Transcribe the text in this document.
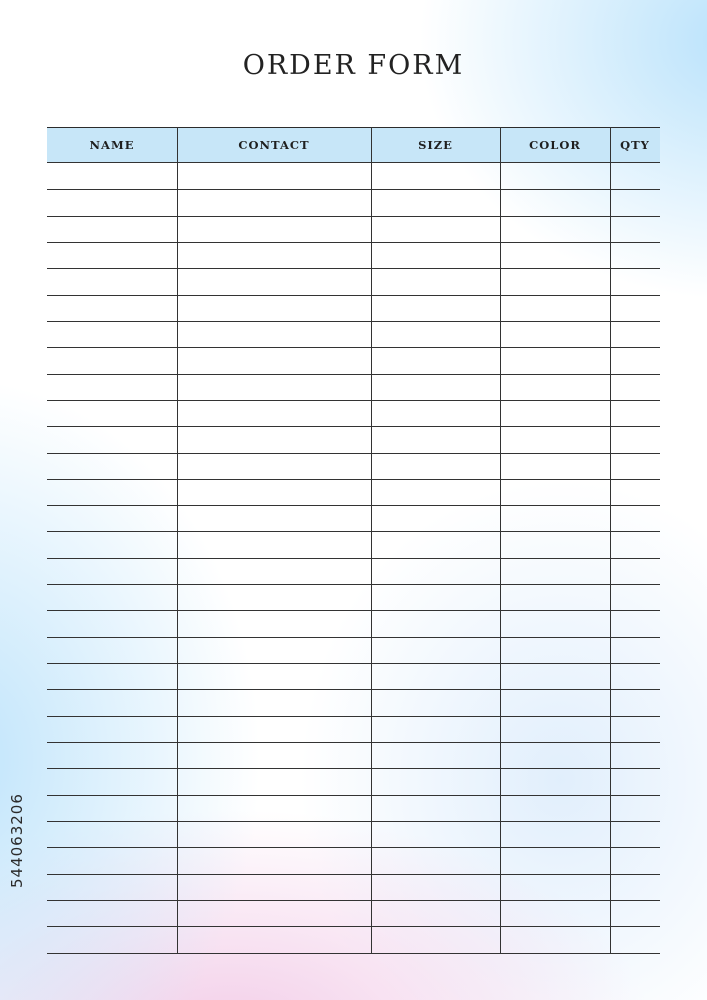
ORDER FORM
NAME	CONTACT	SIZE	COLOR	QTY
544063206
